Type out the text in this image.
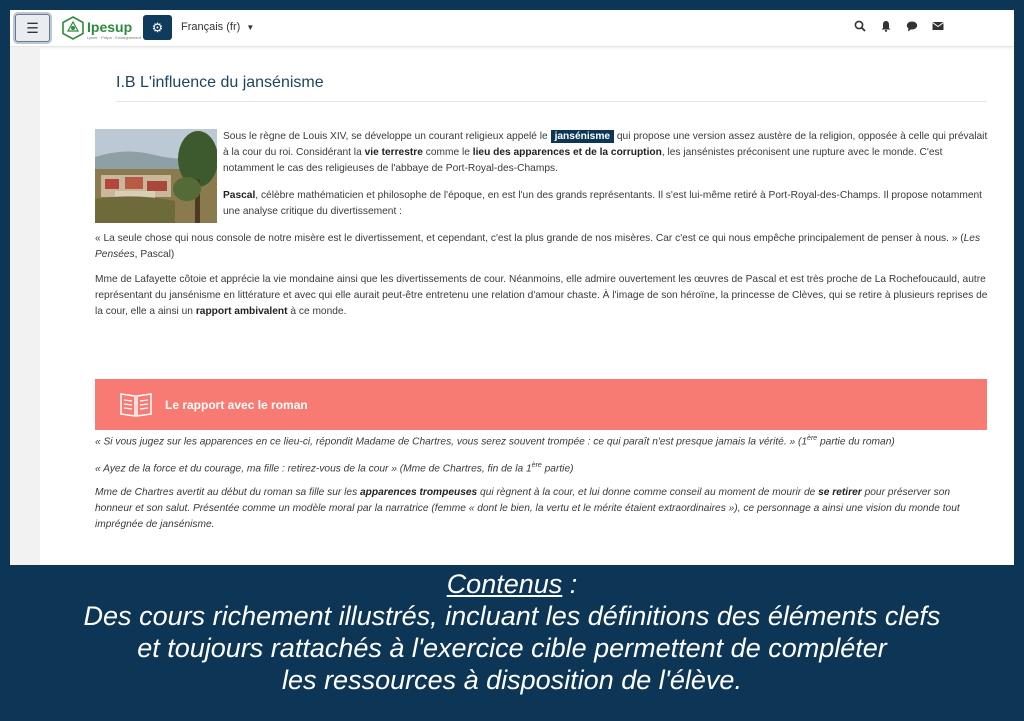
☰	Ipesup
Lycée · Prépa · Enseignement
⚙ Français (fr) ▼
I.B L'influence du jansénisme
Sous le règne de Louis XIV, se développe un courant religieux appelé le jansénisme qui propose une version assez austère de la religion, opposée à celle qui prévalait à la cour du roi. Considérant la vie terrestre comme le lieu des apparences et de la corruption, les jansénistes préconisent une rupture avec le monde. C'est notamment le cas des religieuses de l'abbaye de Port-Royal-des-Champs.
Pascal, célèbre mathématicien et philosophe de l'époque, en est l'un des grands représentants. Il s'est lui-même retiré à Port-Royal-des-Champs. Il propose notamment une analyse critique du divertissement :
« La seule chose qui nous console de notre misère est le divertissement, et cependant, c'est la plus grande de nos misères. Car c'est ce qui nous empêche principalement de penser à nous. » (Les Pensées, Pascal)
Mme de Lafayette côtoie et apprécie la vie mondaine ainsi que les divertissements de cour. Néanmoins, elle admire ouvertement les œuvres de Pascal et est très proche de La Rochefoucauld, autre représentant du jansénisme en littérature et avec qui elle aurait peut-être entretenu une relation d'amour chaste. À l'image de son héroïne, la princesse de Clèves, qui se retire à plusieurs reprises de la cour, elle a ainsi un rapport ambivalent à ce monde.
Le rapport avec le roman
« Si vous jugez sur les apparences en ce lieu-ci, répondit Madame de Chartres, vous serez souvent trompée : ce qui paraît n'est presque jamais la vérité. » (1ère partie du roman)
« Ayez de la force et du courage, ma fille : retirez-vous de la cour » (Mme de Chartres, fin de la 1ère partie)
Mme de Chartres avertit au début du roman sa fille sur les apparences trompeuses qui règnent à la cour, et lui donne comme conseil au moment de mourir de se retirer pour préserver son honneur et son salut. Présentée comme un modèle moral par la narratrice (femme « dont le bien, la vertu et le mérite étaient extraordinaires »), ce personnage a ainsi une vision du monde tout imprégnée de jansénisme.
Contenus :
Des cours richement illustrés, incluant les définitions des éléments clefs
et toujours rattachés à l'exercice cible permettent de compléter
les ressources à disposition de l'élève.
